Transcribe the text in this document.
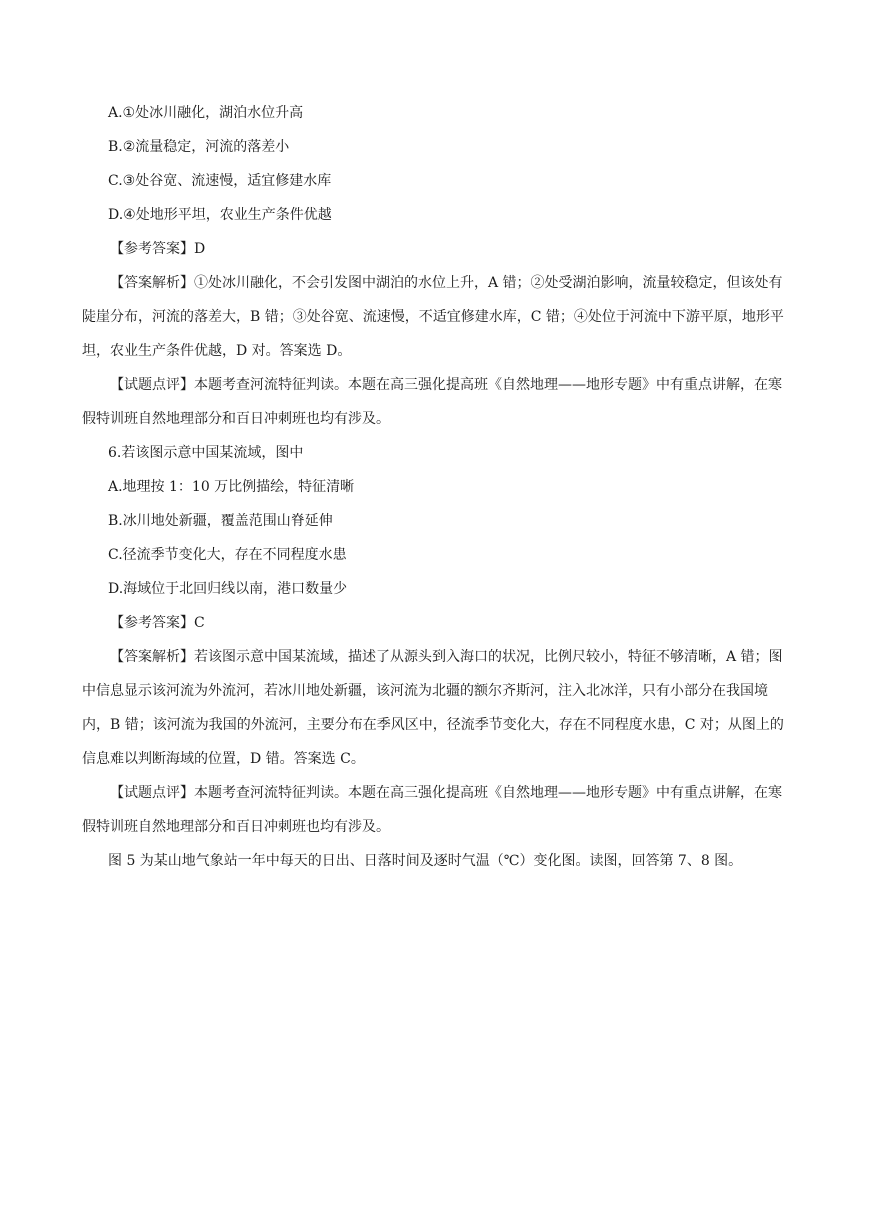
A.①处冰川融化，湖泊水位升高

B.②流量稳定，河流的落差小

C.③处谷宽、流速慢，适宜修建水库

D.④处地形平坦，农业生产条件优越

【参考答案】D

【答案解析】①处冰川融化，不会引发图中湖泊的水位上升，A 错；②处受湖泊影响，流量较稳定，但该处有陡崖分布，河流的落差大，B 错；③处谷宽、流速慢，不适宜修建水库，C 错；④处位于河流中下游平原，地形平坦，农业生产条件优越，D 对。答案选 D。

【试题点评】本题考查河流特征判读。本题在高三强化提高班《自然地理——地形专题》中有重点讲解，在寒假特训班自然地理部分和百日冲刺班也均有涉及。

6.若该图示意中国某流域，图中

A.地理按 1：10 万比例描绘，特征清晰

B.冰川地处新疆，覆盖范围山脊延伸

C.径流季节变化大，存在不同程度水患

D.海域位于北回归线以南，港口数量少

【参考答案】C

【答案解析】若该图示意中国某流域，描述了从源头到入海口的状况，比例尺较小，特征不够清晰，A 错；图中信息显示该河流为外流河，若冰川地处新疆，该河流为北疆的额尔齐斯河，注入北冰洋，只有小部分在我国境内，B 错；该河流为我国的外流河，主要分布在季风区中，径流季节变化大，存在不同程度水患，C 对；从图上的信息难以判断海域的位置，D 错。答案选 C。

【试题点评】本题考查河流特征判读。本题在高三强化提高班《自然地理——地形专题》中有重点讲解，在寒假特训班自然地理部分和百日冲刺班也均有涉及。

图 5 为某山地气象站一年中每天的日出、日落时间及逐时气温（℃）变化图。读图，回答第 7、8 图。
